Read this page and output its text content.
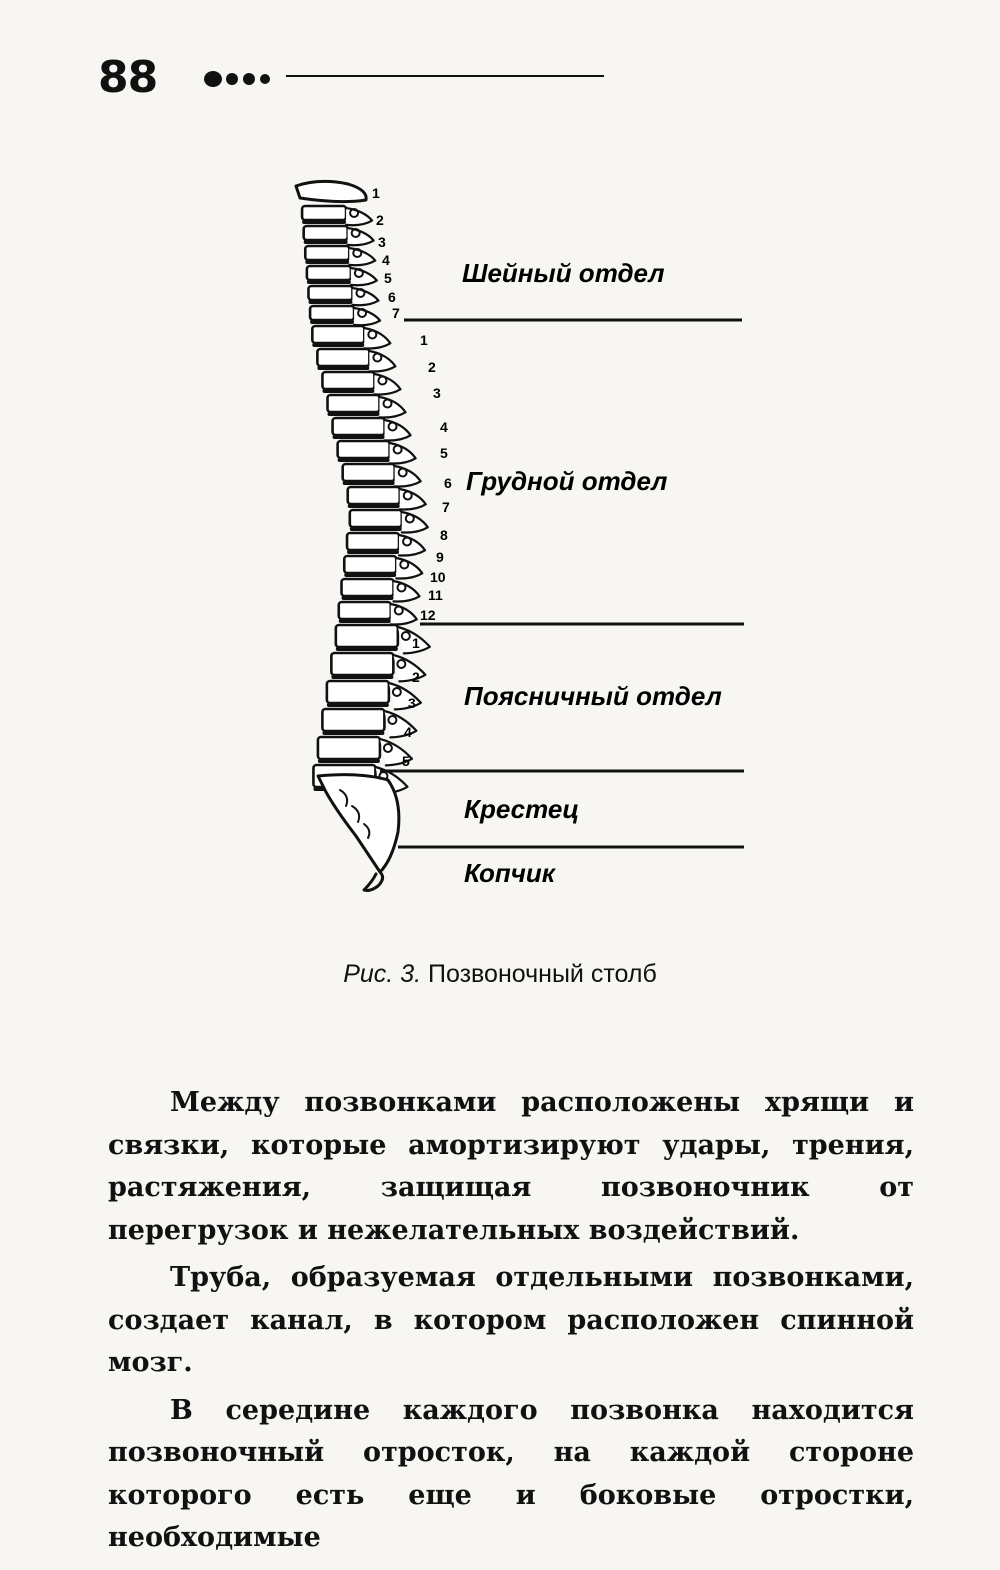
88
Шейный отдел
Грудной отдел
Поясничный отдел
Крестец
Копчик
1
2
3
4
5
6
7
1
2
3
4
5
6
7
8
9
10
11
12
1
2
3
4
5
Рис. 3. Позвоночный столб

Между позвонками расположены хрящи и связки, которые амортизируют удары, трения, растяжения, защищая позвоночник от перегрузок и нежелательных воздействий.

Труба, образуемая отдельными позвонками, создает канал, в котором расположен спинной мозг.

В середине каждого позвонка находится позвоночный отросток, на каждой стороне которого есть еще и боковые отростки, необходимые
